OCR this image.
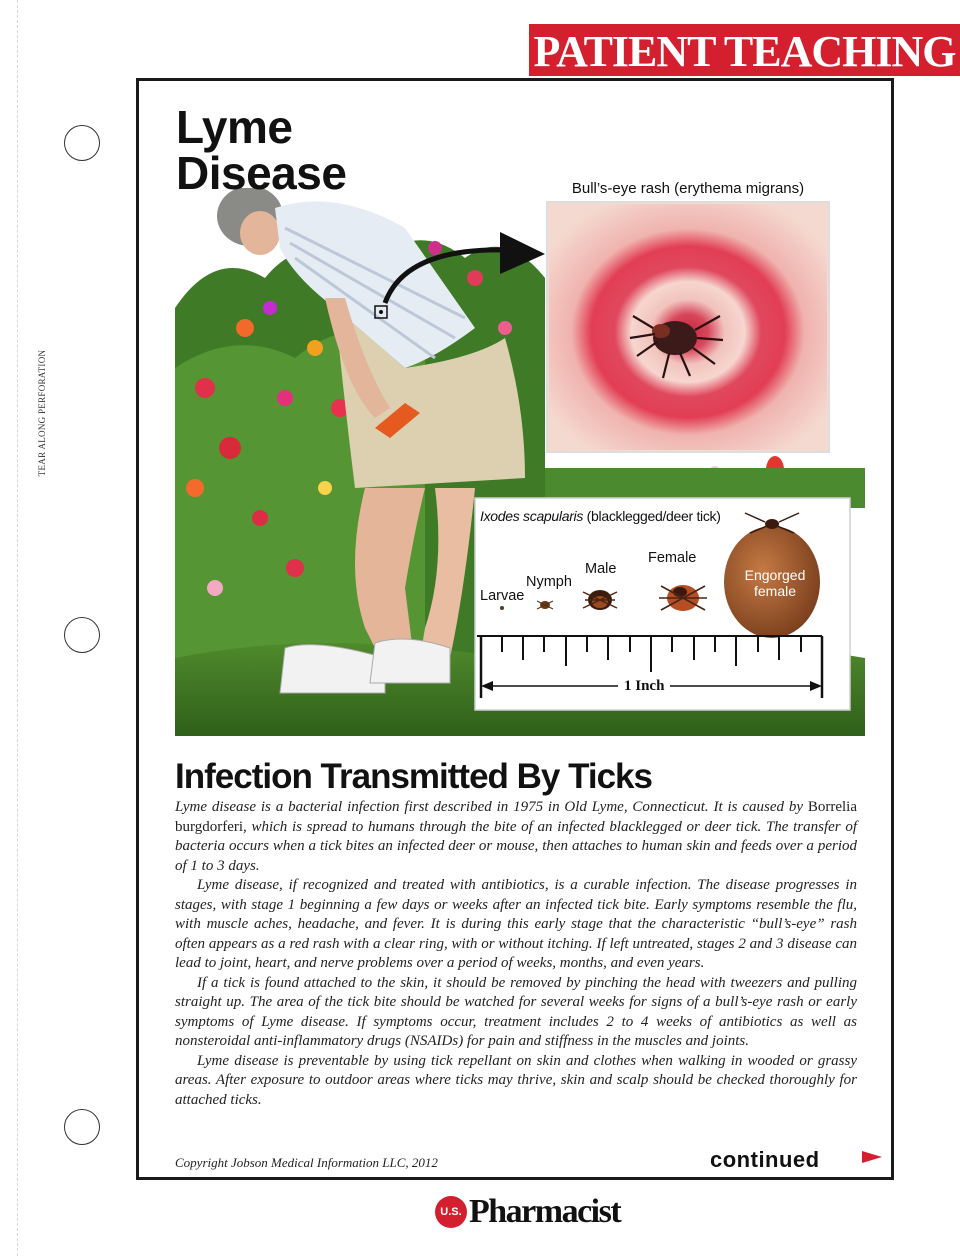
TEAR ALONG PERFORATION
PATIENT TEACHING AID
Lyme
Disease	Bull’s-eye rash (erythema migrans)
Ixodes scapularis (blacklegged/deer tick)
Larvae
Nymph
Male
Female
Engorged
female
1 Inch
Infection Transmitted By Ticks

Lyme disease is a bacterial infection first described in 1975 in Old Lyme, Connecticut. It is caused by Borrelia burgdorferi, which is spread to humans through the bite of an infected blacklegged or deer tick. The transfer of bacteria occurs when a tick bites an infected deer or mouse, then attaches to human skin and feeds over a period of 1 to 3 days.

Lyme disease, if recognized and treated with antibiotics, is a curable infection. The disease progresses in stages, with stage 1 beginning a few days or weeks after an infected tick bite. Early symptoms resemble the flu, with muscle aches, headache, and fever. It is during this early stage that the characteristic “bull’s-eye” rash often appears as a red rash with a clear ring, with or without itching. If left untreated, stages 2 and 3 disease can lead to joint, heart, and nerve problems over a period of weeks, months, and even years.

If a tick is found attached to the skin, it should be removed by pinching the head with tweezers and pulling straight up. The area of the tick bite should be watched for several weeks for signs of a bull’s-eye rash or early symptoms of Lyme disease. If symptoms occur, treatment includes 2 to 4 weeks of antibiotics as well as nonsteroidal anti-inflammatory drugs (NSAIDs) for pain and stiffness in the muscles and joints.

Lyme disease is preventable by using tick repellant on skin and clothes when walking in wooded or grassy areas. After exposure to outdoor areas where ticks may thrive, skin and scalp should be checked thoroughly for attached ticks.

Copyright Jobson Medical Information LLC, 2012	continued
U.S. Pharmacist
